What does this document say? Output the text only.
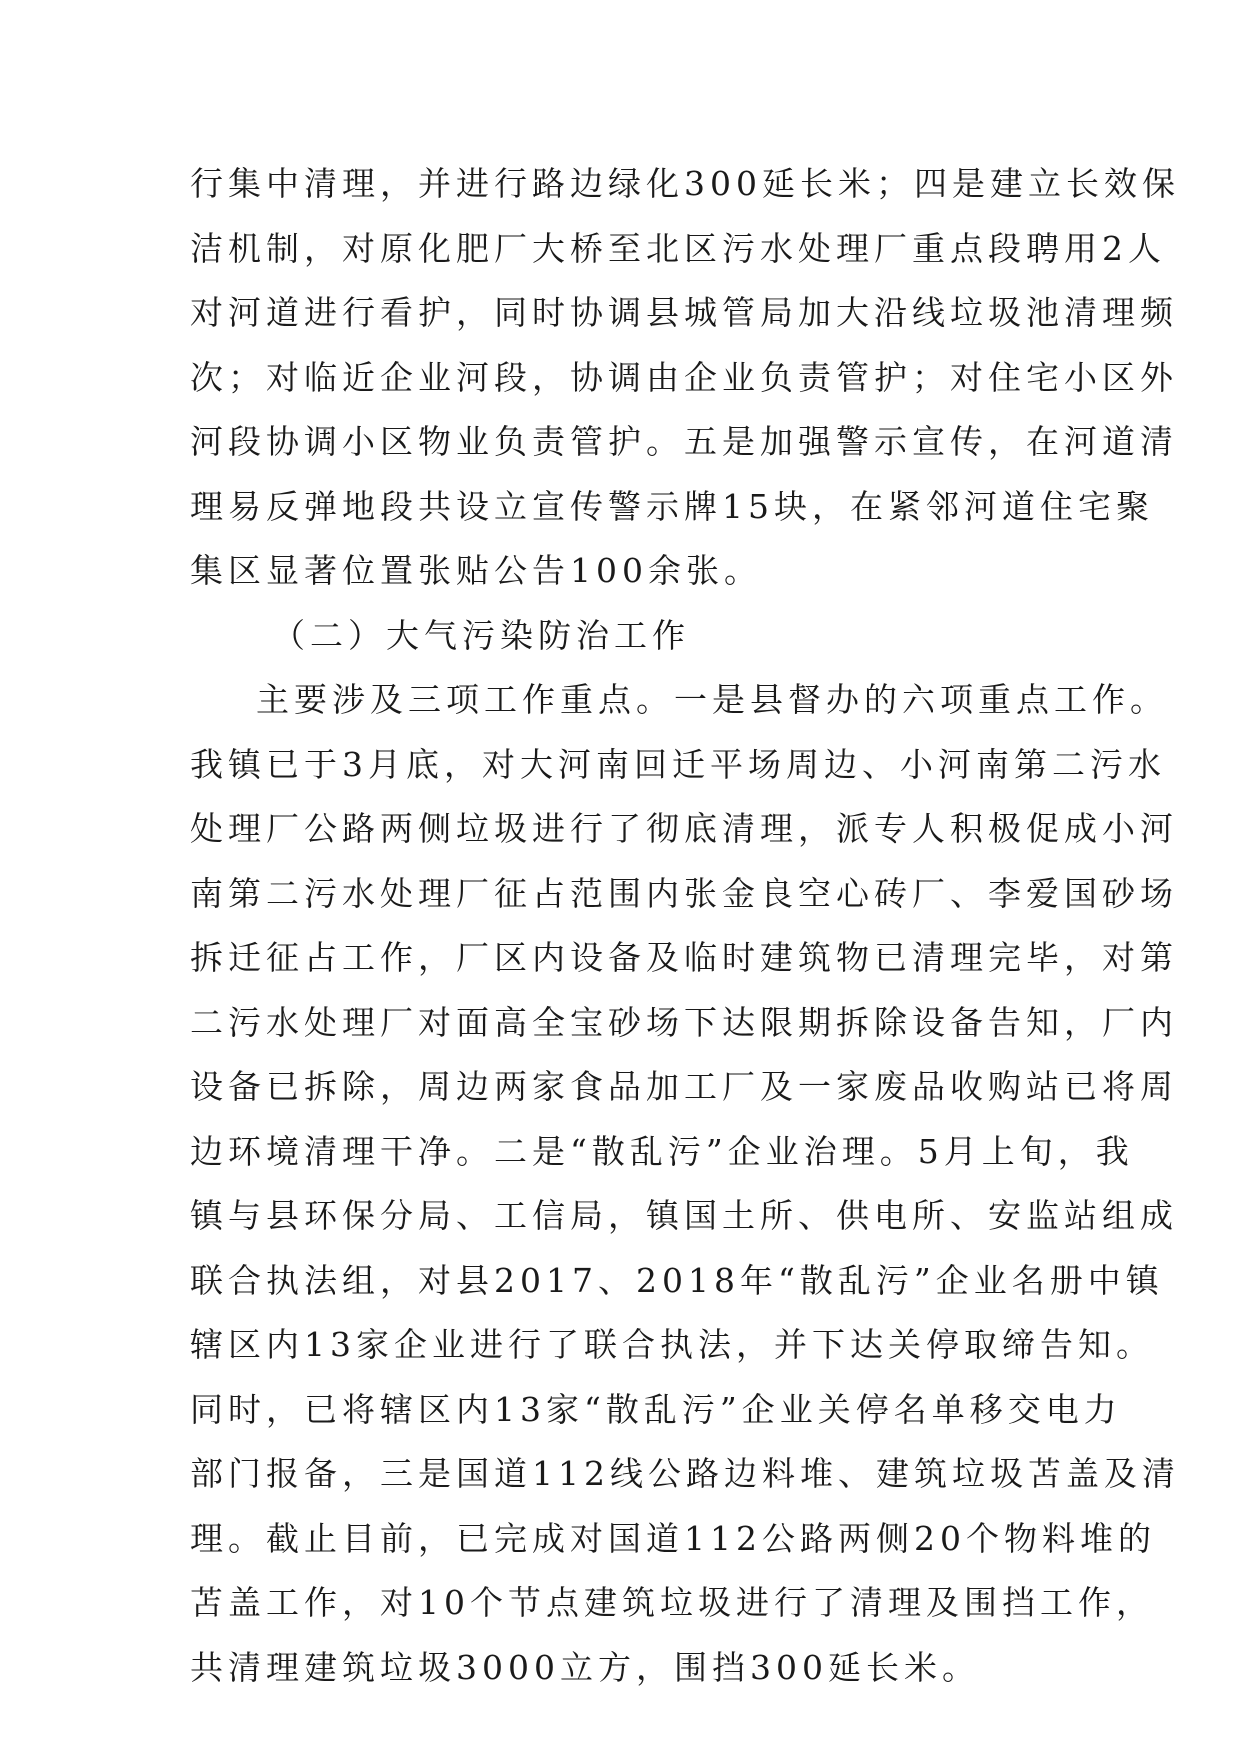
行集中清理，并进行路边绿化300延长米；四是建立长效保
洁机制，对原化肥厂大桥至北区污水处理厂重点段聘用2人
对河道进行看护，同时协调县城管局加大沿线垃圾池清理频
次；对临近企业河段，协调由企业负责管护；对住宅小区外
河段协调小区物业负责管护。五是加强警示宣传，在河道清
理易反弹地段共设立宣传警示牌15块，在紧邻河道住宅聚
集区显著位置张贴公告100余张。
（二）大气污染防治工作
主要涉及三项工作重点。一是县督办的六项重点工作。
我镇已于3月底，对大河南回迁平场周边、小河南第二污水
处理厂公路两侧垃圾进行了彻底清理，派专人积极促成小河
南第二污水处理厂征占范围内张金良空心砖厂、李爱国砂场
拆迁征占工作，厂区内设备及临时建筑物已清理完毕，对第
二污水处理厂对面高全宝砂场下达限期拆除设备告知，厂内
设备已拆除，周边两家食品加工厂及一家废品收购站已将周
边环境清理干净。二是“散乱污”企业治理。5月上旬，我
镇与县环保分局、工信局，镇国土所、供电所、安监站组成
联合执法组，对县2017、2018年“散乱污”企业名册中镇
辖区内13家企业进行了联合执法，并下达关停取缔告知。
同时，已将辖区内13家“散乱污”企业关停名单移交电力
部门报备，三是国道112线公路边料堆、建筑垃圾苫盖及清
理。截止目前，已完成对国道112公路两侧20个物料堆的
苫盖工作，对10个节点建筑垃圾进行了清理及围挡工作，
共清理建筑垃圾3000立方，围挡300延长米。
